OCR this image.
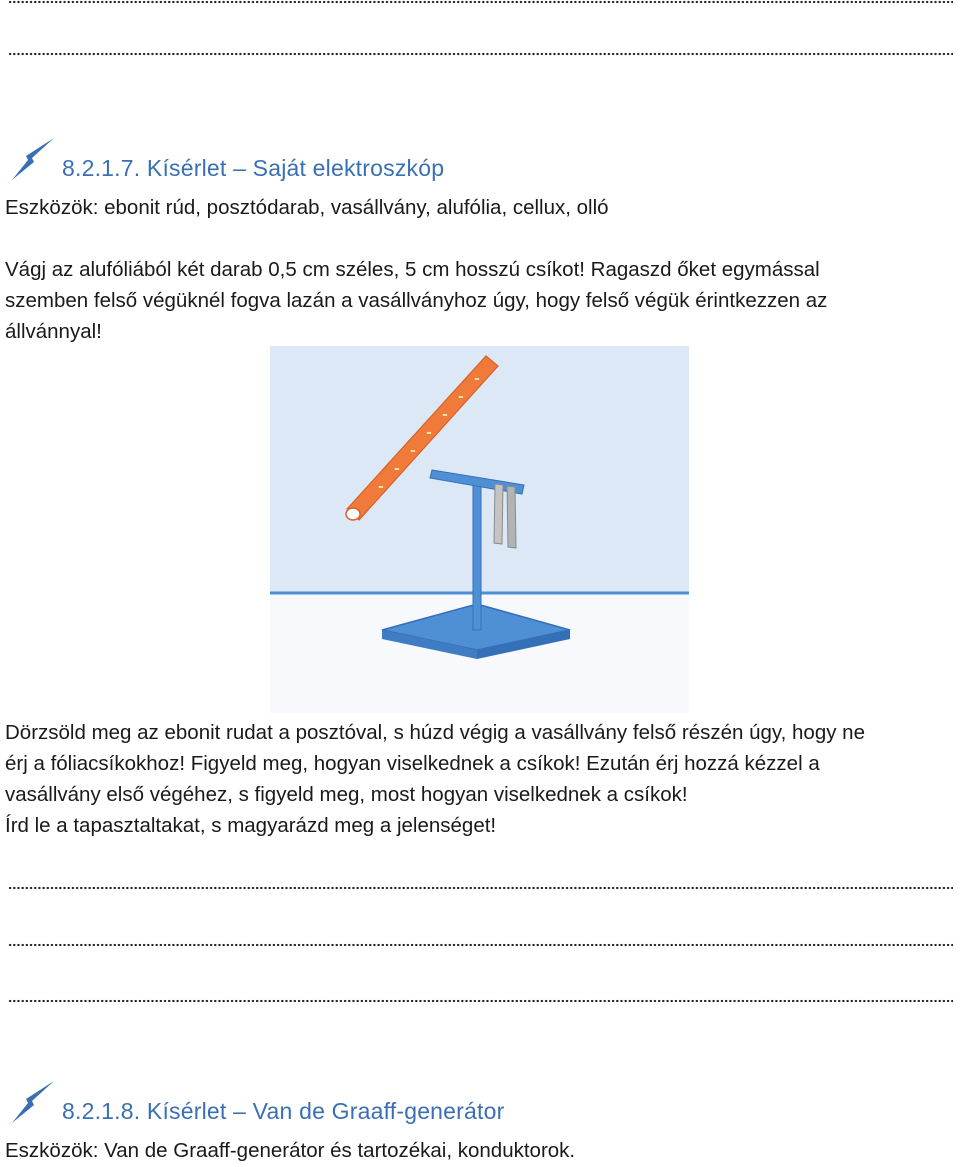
8.2.1.7.
Kísérlet – Saját elektroszkóp
Eszközök: ebonit rúd, posztódarab, vasállvány, alufólia, cellux, olló
Vágj az alufóliából két darab 0,5 cm széles, 5 cm hosszú csíkot! Ragaszd őket egymással
szemben felső végüknél fogva lazán a vasállványhoz úgy, hogy felső végük érintkezzen az
állvánnyal!
-
-
-
-
-
-
-
Dörzsöld meg az ebonit rudat a posztóval, s húzd végig a vasállvány felső részén úgy, hogy ne
érj a fóliacsíkokhoz! Figyeld meg, hogyan viselkednek a csíkok! Ezután érj hozzá kézzel a
vasállvány első végéhez, s figyeld meg, most hogyan viselkednek a csíkok!
Írd le a tapasztaltakat, s magyarázd meg a jelenséget!
8.2.1.8.
Kísérlet – Van de Graaff-generátor
Eszközök: Van de Graaff-generátor és tartozékai, konduktorok.
